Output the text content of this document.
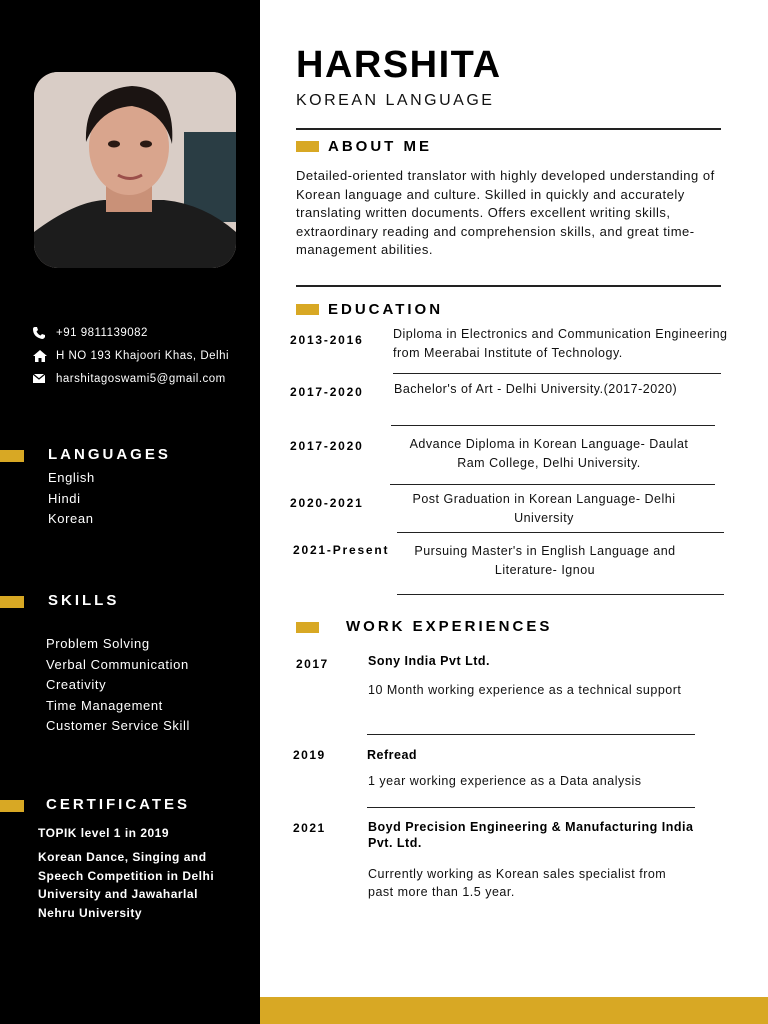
+91 9811139082
H NO 193 Khajoori Khas, Delhi
harshitagoswami5@gmail.com
LANGUAGES
English
Hindi
Korean
SKILLS
Problem Solving
Verbal Communication
Creativity
Time Management
Customer Service Skill
CERTIFICATES
TOPIK level 1 in 2019
Korean Dance, Singing and Speech Competition in Delhi University and Jawaharlal Nehru University
HARSHITA
KOREAN LANGUAGE
ABOUT ME
Detailed-oriented translator with highly developed understanding of Korean language and culture. Skilled in quickly and accurately translating written documents. Offers excellent writing skills, extraordinary reading and comprehension skills, and great time-management abilities.
EDUCATION
2013-2016 Diploma in Electronics and Communication Engineering from Meerabai Institute of Technology.
2017-2020 Bachelor's of Art - Delhi University.(2017-2020)
2017-2020	Advance Diploma in Korean Language- Daulat Ram College, Delhi University.
2020-2021	Post Graduation in Korean Language- Delhi University
2021-Present	Pursuing Master's in English Language and Literature- Ignou
WORK EXPERIENCES
2017	Sony India Pvt Ltd.
10 Month working experience as a technical support
2019	Refread
1 year working experience as a Data analysis
2021	Boyd Precision Engineering & Manufacturing India Pvt. Ltd.
Currently working as Korean sales specialist from past more than 1.5 year.
